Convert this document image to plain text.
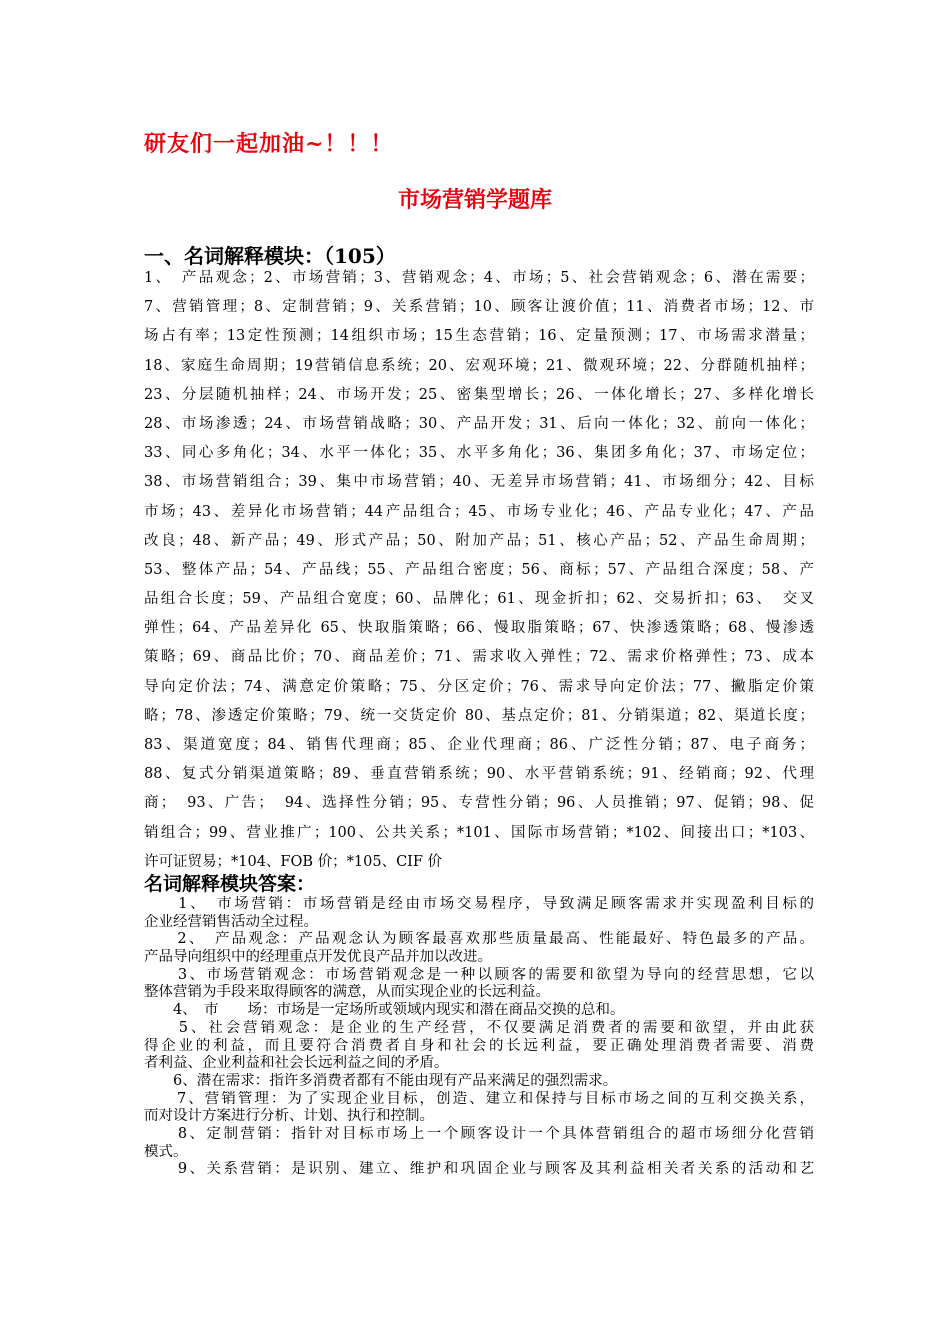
研友们一起加油~！！！
市场营销学题库
一、名词解释模块：（105）
1、　产品观念；2、市场营销；3、营销观念；4、市场；5、社会营销观念；6、潜在需要；
7、营销管理；8、定制营销；9、关系营销；10、顾客让渡价值；11、消费者市场；12、市
场占有率；13定性预测；14组织市场；15生态营销；16、定量预测；17、市场需求潜量；
18、家庭生命周期；19营销信息系统；20、宏观环境；21、微观环境；22、分群随机抽样；
23、分层随机抽样；24、市场开发；25、密集型增长；26、一体化增长；27、多样化增长
28、市场渗透；24、市场营销战略；30、产品开发；31、后向一体化；32、前向一体化；
33、同心多角化；34、水平一体化；35、水平多角化；36、集团多角化；37、市场定位；
38、市场营销组合；39、集中市场营销；40、无差异市场营销；41、市场细分；42、目标
市场；43、差异化市场营销；44产品组合；45、市场专业化；46、产品专业化；47、产品
改良；48、新产品；49、形式产品；50、附加产品；51、核心产品；52、产品生命周期；
53、整体产品；54、产品线；55、产品组合密度；56、商标；57、产品组合深度；58、产
品组合长度；59、产品组合宽度；60、品牌化；61、现金折扣；62、交易折扣；63、　交叉
弹性；64、产品差异化 65、快取脂策略；66、慢取脂策略；67、快渗透策略；68、慢渗透
策略；69、商品比价；70、商品差价；71、需求收入弹性；72、需求价格弹性；73、成本
导向定价法；74、满意定价策略；75、分区定价；76、需求导向定价法；77、撇脂定价策
略；78、渗透定价策略；79、统一交货定价 80、基点定价；81、分销渠道；82、渠道长度；
83、渠道宽度；84、销售代理商；85、企业代理商；86、广泛性分销；87、电子商务；
88、复式分销渠道策略；89、垂直营销系统；90、水平营销系统；91、经销商；92、代理
商；　93、广告；　94、选择性分销；95、专营性分销；96、人员推销；97、促销；98、促
销组合；99、营业推广；100、公共关系；*101、国际市场营销；*102、间接出口；*103、
许可证贸易；*104、FOB 价；*105、CIF 价
名词解释模块答案：
　　1、　市场营销：市场营销是经由市场交易程序，导致满足顾客需求并实现盈利目标的
企业经营销售活动全过程。
　　2、　产品观念：产品观念认为顾客最喜欢那些质量最高、性能最好、特色最多的产品。
产品导向组织中的经理重点开发优良产品并加以改进。
　　3、市场营销观念：市场营销观念是一种以顾客的需要和欲望为导向的经营思想，它以
整体营销为手段来取得顾客的满意，从而实现企业的长远利益。
　　4、　市　　场：市场是一定场所或领域内现实和潜在商品交换的总和。
　　5、社会营销观念：是企业的生产经营，不仅要满足消费者的需要和欲望，并由此获
得企业的利益，而且要符合消费者自身和社会的长远利益，要正确处理消费者需要、消费
者利益、企业利益和社会长远利益之间的矛盾。
　　6、潜在需求：指许多消费者都有不能由现有产品来满足的强烈需求。
　　7、营销管理：为了实现企业目标，创造、建立和保持与目标市场之间的互利交换关系，
而对设计方案进行分析、计划、执行和控制。
　　8、定制营销：指针对目标市场上一个顾客设计一个具体营销组合的超市场细分化营销
模式。
　　9、关系营销：是识别、建立、维护和巩固企业与顾客及其利益相关者关系的活动和艺
